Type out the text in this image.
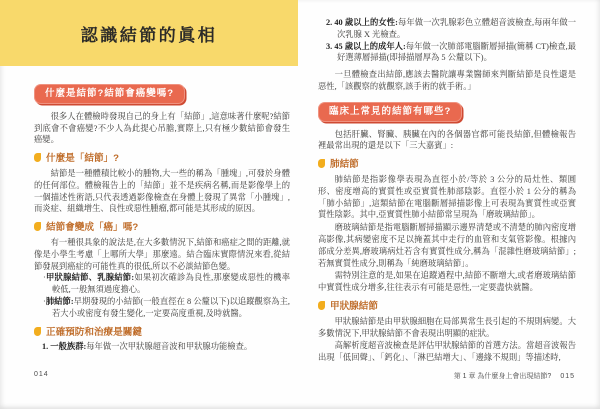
認識結節的眞相
什麼是結節?結節會癌變嗎?

很多人在體檢時發現自己的身上有「結節」,這意味著什麼呢?結節到底會不會癌變?不少人為此提心吊膽,實際上,只有極少數結節會發生癌變。

什麼是「結節」?

結節是一種體積比較小的腫物,大一些的稱為「腫塊」,可發於身體的任何部位。體檢報告上的「結節」並不是疾病名稱,而是影像學上的一個描述性術語,只代表透過影像檢查在身體上發現了異常「小腫塊」,而炎症、組織增生、良性或惡性腫瘤,都可能是其形成的原因。

結節會變成「癌」嗎?

有一種很具象的說法是,在大多數情況下,結節和癌症之間的距離,就像是小學生考慮「上哪所大學」那麼遠。結合臨床實際情況來看,從結節發展到癌症的可能性真的很低,所以不必談結節色變。

·甲狀腺結節、乳腺結節:如果初次確診為良性,那麼變成惡性的機率較低,一般無須過度擔心。
·肺結節:早期發現的小結節(一般直徑在 8 公釐以下)以追蹤觀察為主,若大小或密度有發生變化,一定要高度重視,及時就醫。
正確預防和治療是關鍵
1. 一般族群:每年做一次甲狀腺超音波和甲狀腺功能檢查。
2. 40 歲以上的女性:每年做一次乳腺彩色立體超音波檢查,每兩年做一次乳腺 X 光檢查。
3. 45 歲以上的成年人:每年做一次肺部電腦斷層掃描(簡稱 CT)檢查,最好選薄層掃描(即掃描層厚為 5 公釐以下)。

一旦體檢查出結節,應該去醫院讓專業醫師來判斷結節是良性還是惡性,「該觀察的就觀察,該手術的就手術。」

臨床上常見的結節有哪些?

包括肝臟、腎臟、胰臟在內的各個器官都可能長結節,但體檢報告裡最常出現的還是以下「三大嘉賓」:

肺結節

肺結節是指影像學表現為直徑小於/等於 3 公分的局灶性、類圓形、密度增高的實質性或亞實質性肺部陰影。直徑小於 1 公分的稱為「肺小結節」,這類結節在電腦斷層掃描影像上可表現為實質性或亞實質性陰影。其中,亞實質性肺小結節常呈現為「磨玻璃結節」。

磨玻璃結節是指電腦斷層掃描顯示邊界清楚或不清楚的肺內密度增高影像,其病變密度不足以掩蓋其中走行的血管和支氣管影像。根據內部成分差異,磨玻璃病灶若含有實質性成分,稱為「混雜性磨玻璃結節」;若無實質性成分,則稱為「純磨玻璃結節」。

需特別注意的是,如果在追蹤過程中,結節不斷增大,或者磨玻璃結節中實質性成分增多,往往表示有可能是惡性,一定要盡快就醫。

甲狀腺結節

甲狀腺結節是由甲狀腺細胞在局部異常生長引起的不規則病變。大多數情況下,甲狀腺結節不會表現出明顯的症狀。

高解析度超音波檢查是評估甲狀腺結節的首選方法。當超音波報告出現「低回聲」、「鈣化」、「淋巴結增大」、「邊緣不規則」等描述時,

014	第 1 章 為什麼身上會出現結節? 015
